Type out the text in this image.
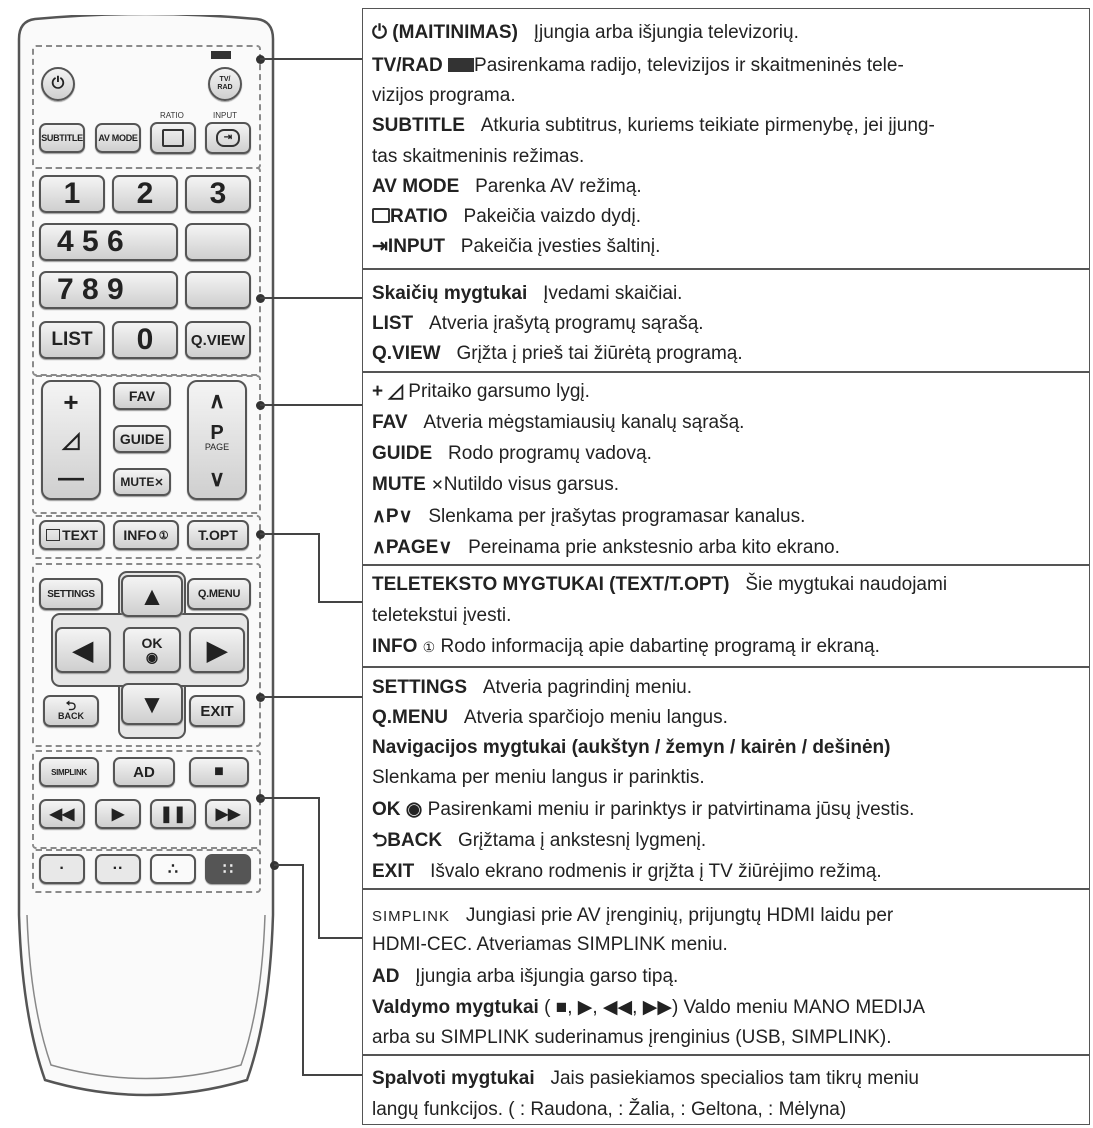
⏻	TV/
RAD
RATIO	INPUT
SUBTITLE	AV MODE	⇥
1	2	3
4 5 6
7 8 9
LIST	0	Q.VIEW
+
◿
—
FAV
GUIDE
MUTE ✕
∧
P
PAGE
∨
TEXT INFO ①	T.OPT
SETTINGS	Q.MENU
▲
◀	OK
◉ ▶
▼
⮌
BACK	EXIT
SIMPLINK	AD	■
◀◀ ▶ ❚❚ ▶▶
·	··	∴	∷
⏻ (MAITINIMAS) Įjungia arba išjungia televizorių.
TV/RAD Pasirenkama radijo, televizijos ir skaitmeninės tele-
vizijos programa.
SUBTITLE Atkuria subtitrus, kuriems teikiate pirmenybę, jei įjung-
tas skaitmeninis režimas.
AV MODE Parenka AV režimą.
RATIO Pakeičia vaizdo dydį.
⇥INPUT Pakeičia įvesties šaltinį.
Skaičių mygtukai Įvedami skaičiai.
LIST Atveria įrašytą programų sąrašą.
Q.VIEW Grįžta į prieš tai žiūrėtą programą.
+ ◿ Pritaiko garsumo lygį.
FAV Atveria mėgstamiausių kanalų sąrašą.
GUIDE Rodo programų vadovą.
MUTE ✕Nutildo visus garsus.
∧P∨ Slenkama per įrašytas programasar kanalus.
∧PAGE∨ Pereinama prie ankstesnio arba kito ekrano.
TELETEKSTO MYGTUKAI (TEXT/T.OPT) Šie mygtukai naudojami
teletekstui įvesti.
INFO ① Rodo informaciją apie dabartinę programą ir ekraną.
SETTINGS Atveria pagrindinį meniu.
Q.MENU Atveria sparčiojo meniu langus.
Navigacijos mygtukai (aukštyn / žemyn / kairėn / dešinėn)
Slenkama per meniu langus ir parinktis.
OK ◉ Pasirenkami meniu ir parinktys ir patvirtinama jūsų įvestis.
⮌BACK Grįžtama į ankstesnį lygmenį.
EXIT Išvalo ekrano rodmenis ir grįžta į TV žiūrėjimo režimą.
SIMPLINK Jungiasi prie AV įrenginių, prijungtų HDMI laidu per
HDMI-CEC. Atveriamas SIMPLINK meniu.
AD Įjungia arba išjungia garso tipą.
Valdymo mygtukai ( ■, ▶, ◀◀, ▶▶) Valdo meniu MANO MEDIJA
arba su SIMPLINK suderinamus įrenginius (USB, SIMPLINK).
Spalvoti mygtukai Jais pasiekiamos specialios tam tikrų meniu
langų funkcijos. ( : Raudona, : Žalia, : Geltona, : Mėlyna)
